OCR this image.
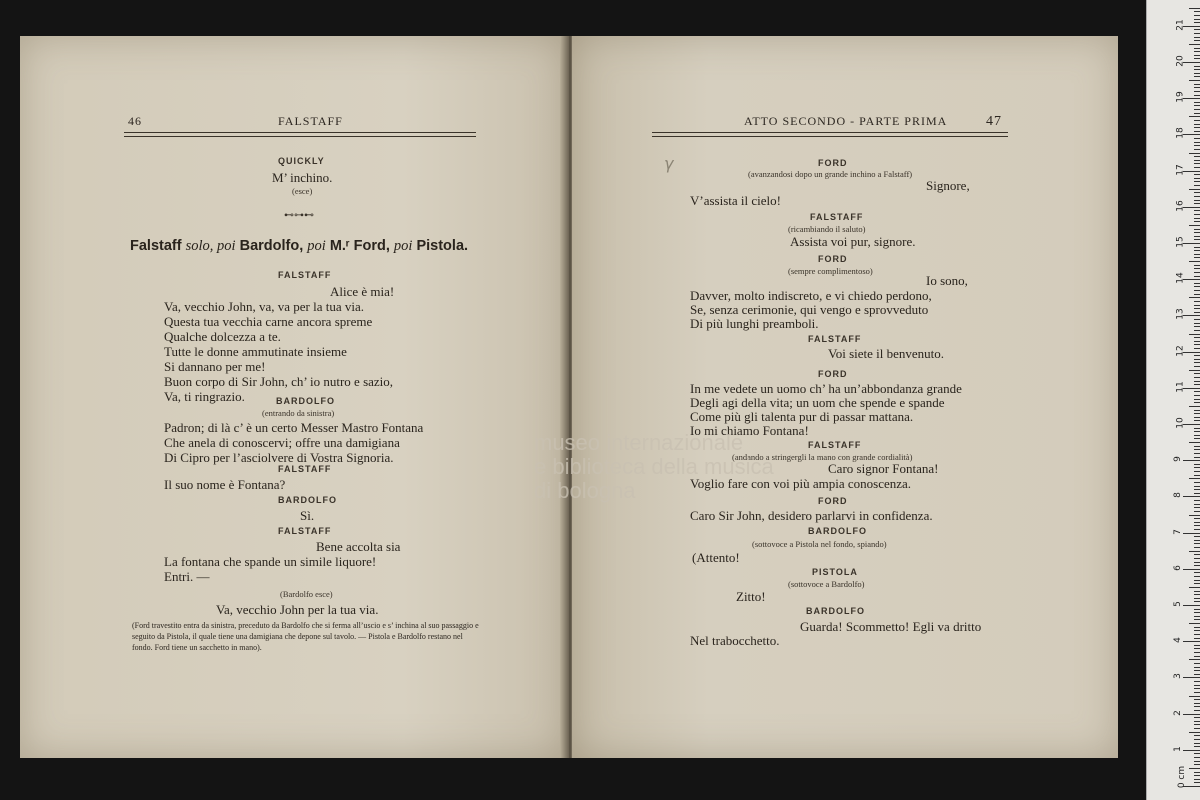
46	FALSTAFF
QUICKLY
M’ inchino.
(esce)
⊷⊶⊷
Falstaff solo, poi Bardolfo, poi M.ʳ Ford, poi Pistola.
FALSTAFF
Alice è mia!
Va, vecchio John, va, va per la tua via.
Questa tua vecchia carne ancora spreme
Qualche dolcezza a te.
Tutte le donne ammutinate insieme
Si dannano per me!
Buon corpo di Sir John, ch’ io nutro e sazio,
Va, ti ringrazio.	BARDOLFO
(entrando da sinistra)
Padron; di là c’ è un certo Messer Mastro Fontana
Che anela di conoscervi; offre una damigiana
Di Cipro per l’asciolvere di Vostra Signoria.
FALSTAFF
Il suo nome è Fontana?
BARDOLFO
Sì.
FALSTAFF
Bene accolta sia
La fontana che spande un simile liquore!
Entri. —
(Bardolfo esce)
Va, vecchio John per la tua via.
(Ford travestito entra da sinistra, preceduto da Bardolfo che si ferma all’uscio e s’ inchina al suo passaggio e seguito da Pistola, il quale tiene una damigiana che depone sul tavolo. — Pistola e Bardolfo restano nel fondo. Ford tiene un sacchetto in mano).
ATTO SECONDO - PARTE PRIMA	47
γ	FORD
(avanzandosi dopo un grande inchino a Falstaff)
Signore,
V’assista il cielo!
FALSTAFF
(ricambiando il saluto)
Assista voi pur, signore.
FORD
(sempre complimentoso)
Io sono,
Davver, molto indiscreto, e vi chiedo perdono,
Se, senza cerimonie, qui vengo e sprovveduto
Di più lunghi preamboli.
FALSTAFF
Voi siete il benvenuto.
FORD
In me vedete un uomo ch’ ha un’abbondanza grande
Degli agi della vita; un uom che spende e spande
Come più gli talenta pur di passar mattana.
Io mi chiamo Fontana!
FALSTAFF
(andando a stringergli la mano con grande cordialità)
Caro signor Fontana!
Voglio fare con voi più ampia conoscenza.
FORD
Caro Sir John, desidero parlarvi in confidenza.
BARDOLFO
(sottovoce a Pistola nel fondo, spiando)
(Attento!
PISTOLA
(sottovoce a Bardolfo)
Zitto!
BARDOLFO
Guarda! Scommetto! Egli va dritto
Nel trabocchetto.
museo internazionale
e biblioteca della musica
di bologna
0 cm
1
2
3
4
5
6
7
8
9
10
11
12
13
14
15
16
17
18
19
20
21
